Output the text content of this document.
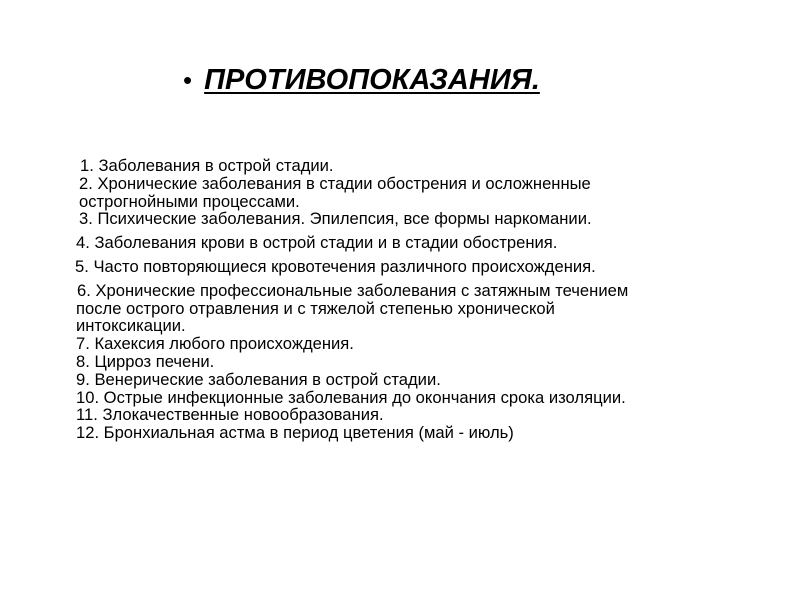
• ПРОТИВОПОКАЗАНИЯ.
1. Заболевания в острой стадии.
2. Хронические заболевания в стадии обострения и осложненные
острогнойными процессами.
3. Психические заболевания. Эпилепсия, все формы наркомании.
4. Заболевания крови в острой стадии и в стадии обострения.
5. Часто повторяющиеся кровотечения различного происхождения.
6. Хронические профессиональные заболевания с затяжным течением
после острого отравления и с тяжелой степенью хронической
интоксикации.
7. Кахексия любого происхождения.
8. Цирроз печени.
9. Венерические заболевания в острой стадии.
10. Острые инфекционные заболевания до окончания срока изоляции.
11. Злокачественные новообразования.
12. Бронхиальная астма в период цветения (май - июль)
